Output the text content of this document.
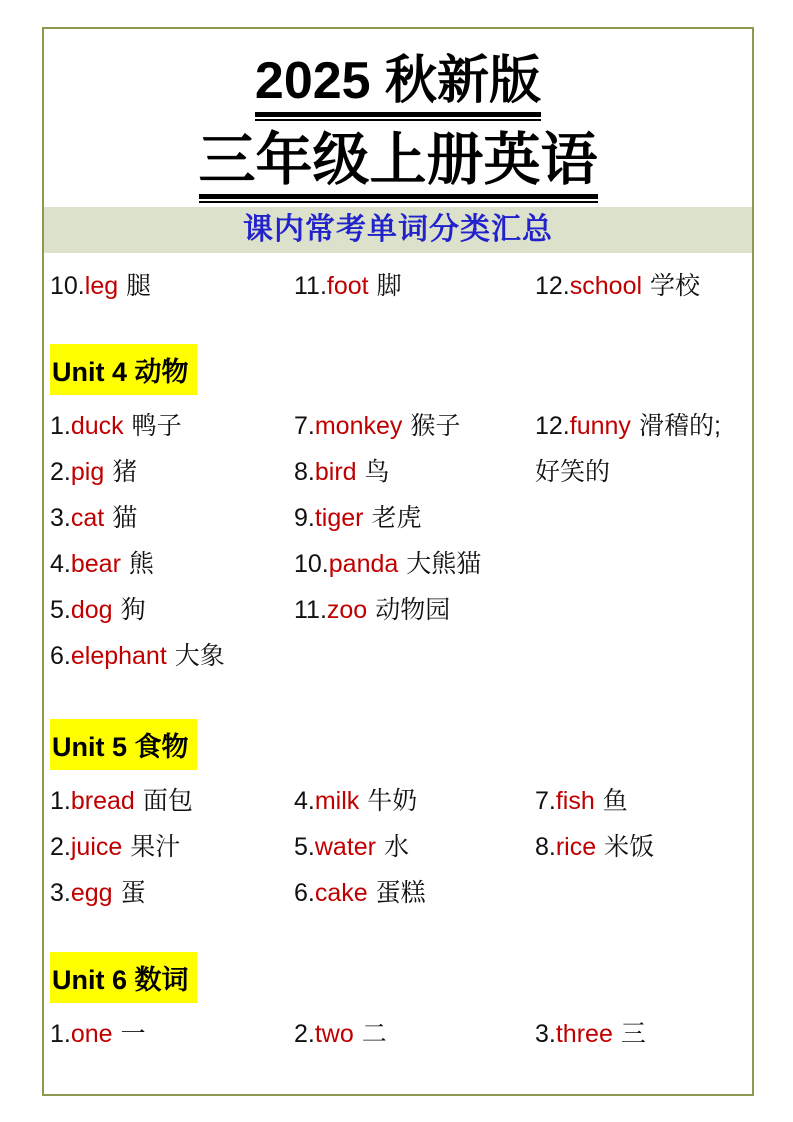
2025 秋新版
三年级上册英语
课内常考单词分类汇总
10.leg 腿	11.foot 脚	12.school 学校
Unit 4 动物
1.duck 鸭子	7.monkey 猴子	12.funny 滑稽的;
2.pig 猪	8.bird 鸟	好笑的
3.cat 猫	9.tiger 老虎
4.bear 熊	10.panda 大熊猫
5.dog 狗	11.zoo 动物园
6.elephant 大象
Unit 5 食物
1.bread 面包	4.milk 牛奶	7.fish 鱼
2.juice 果汁	5.water 水	8.rice 米饭
3.egg 蛋	6.cake 蛋糕
Unit 6 数词
1.one 一	2.two 二	3.three 三
